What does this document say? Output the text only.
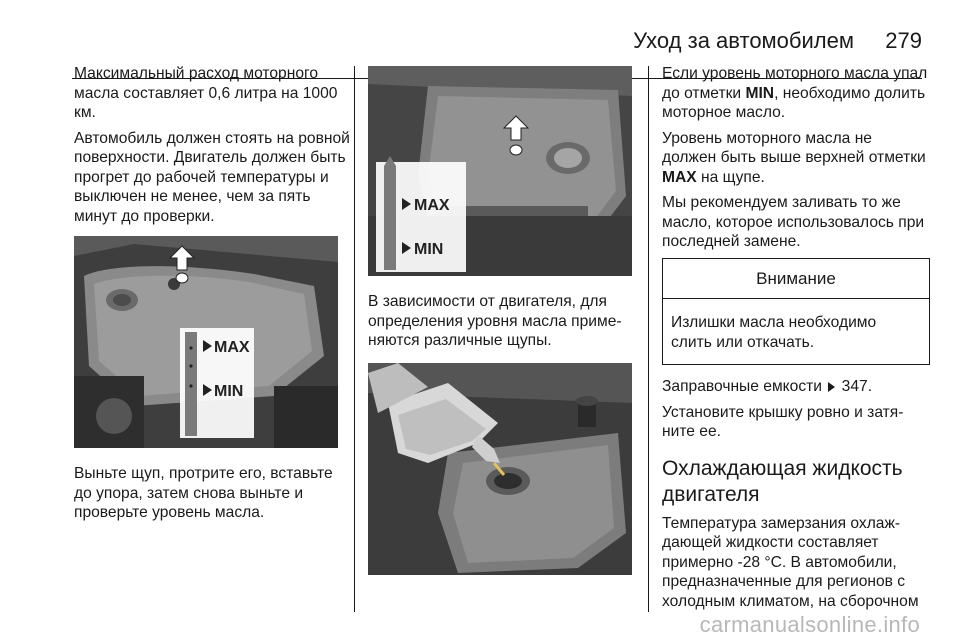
Уход за автомобилем 279

Максимальный расход моторного масла составляет 0,6 литра на 1000 км.

Автомобиль должен стоять на ровной поверхности. Двигатель должен быть прогрет до рабочей температуры и выключен не менее, чем за пять минут до проверки.

MAX
MIN

Выньте щуп, протрите его, вставьте до упора, затем снова выньте и проверьте уровень масла.

MAX
MIN

В зависимости от двигателя, для определения уровня масла приме- няются различные щупы.

Если уровень моторного масла упал до отметки MIN, необходимо долить моторное масло.

Уровень моторного масла не должен быть выше верхней отметки MAX на щупе.

Мы рекомендуем заливать то же масло, которое использовалось при последней замене.

Внимание
Излишки масла необходимо слить или откачать.

Заправочные емкости 347.

Установите крышку ровно и затя- ните ее.

Охлаждающая жидкость двигателя

Температура замерзания охлаж- дающей жидкости составляет примерно -28 °С. В автомобили, предназначенные для регионов с холодным климатом, на сборочном

carmanualsonline.info
